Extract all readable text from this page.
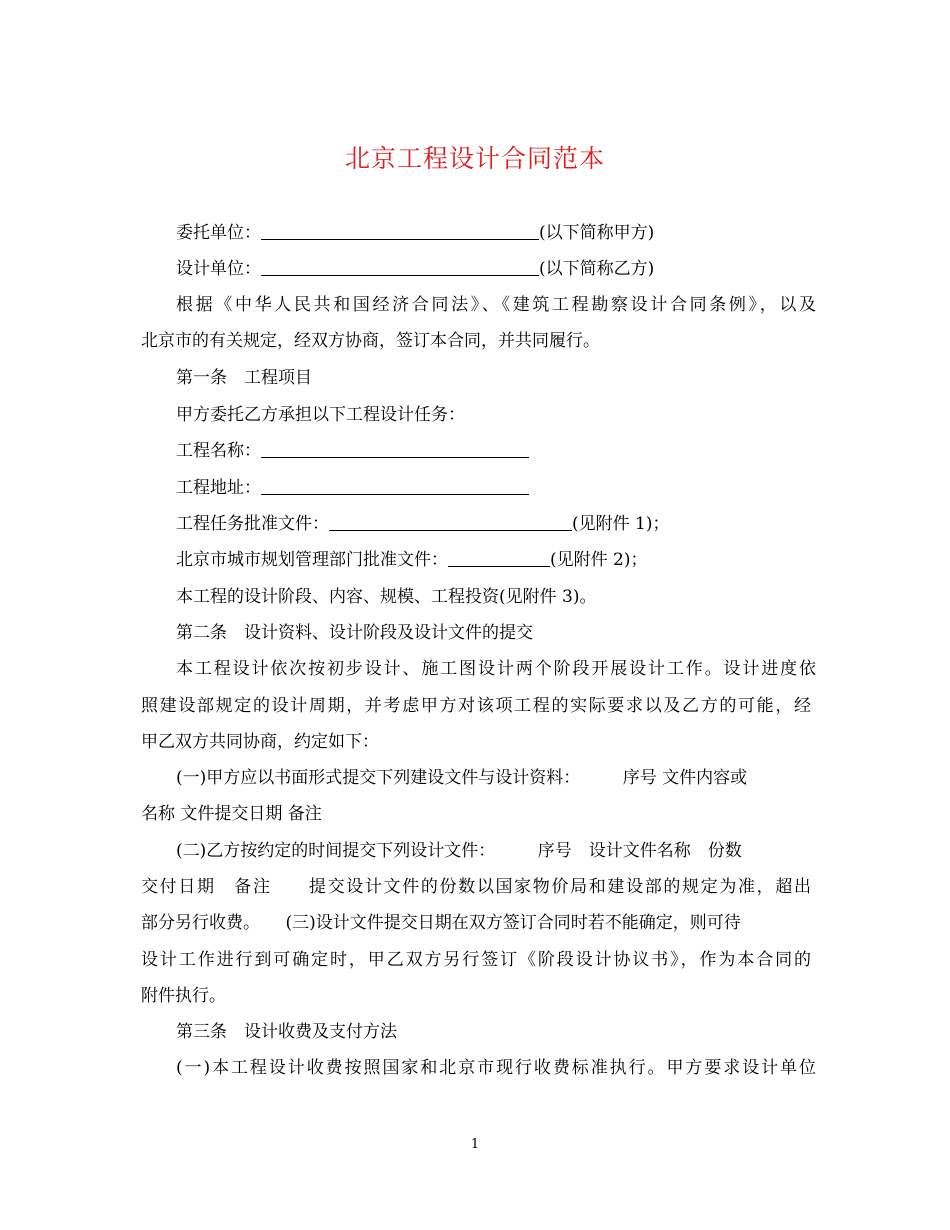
北京工程设计合同范本
委托单位：	(以下简称甲方)
设计单位：	(以下简称乙方)
根据《中华人民共和国经济合同法》、《建筑工程勘察设计合同条例》，以及
北京市的有关规定，经双方协商，签订本合同，并共同履行。
第一条　工程项目
甲方委托乙方承担以下工程设计任务：
工程名称：
工程地址：
工程任务批准文件：	(见附件 1)；
北京市城市规划管理部门批准文件：	(见附件 2)；
本工程的设计阶段、内容、规模、工程投资(见附件 3)。
第二条　设计资料、设计阶段及设计文件的提交
本工程设计依次按初步设计、施工图设计两个阶段开展设计工作。设计进度依
照建设部规定的设计周期，并考虑甲方对该项工程的实际要求以及乙方的可能，经
甲乙双方共同协商，约定如下：
(一)甲方应以书面形式提交下列建设文件与设计资料：　　　序号 文件内容或
名称 文件提交日期 备注
(二)乙方按约定的时间提交下列设计文件：　　　序号　设计文件名称　份数
交付日期　备注　　提交设计文件的份数以国家物价局和建设部的规定为准，超出
部分另行收费。　　(三)设计文件提交日期在双方签订合同时若不能确定，则可待
设计工作进行到可确定时，甲乙双方另行签订《阶段设计协议书》，作为本合同的
附件执行。
第三条　设计收费及支付方法
(一)本工程设计收费按照国家和北京市现行收费标准执行。甲方要求设计单位
1
